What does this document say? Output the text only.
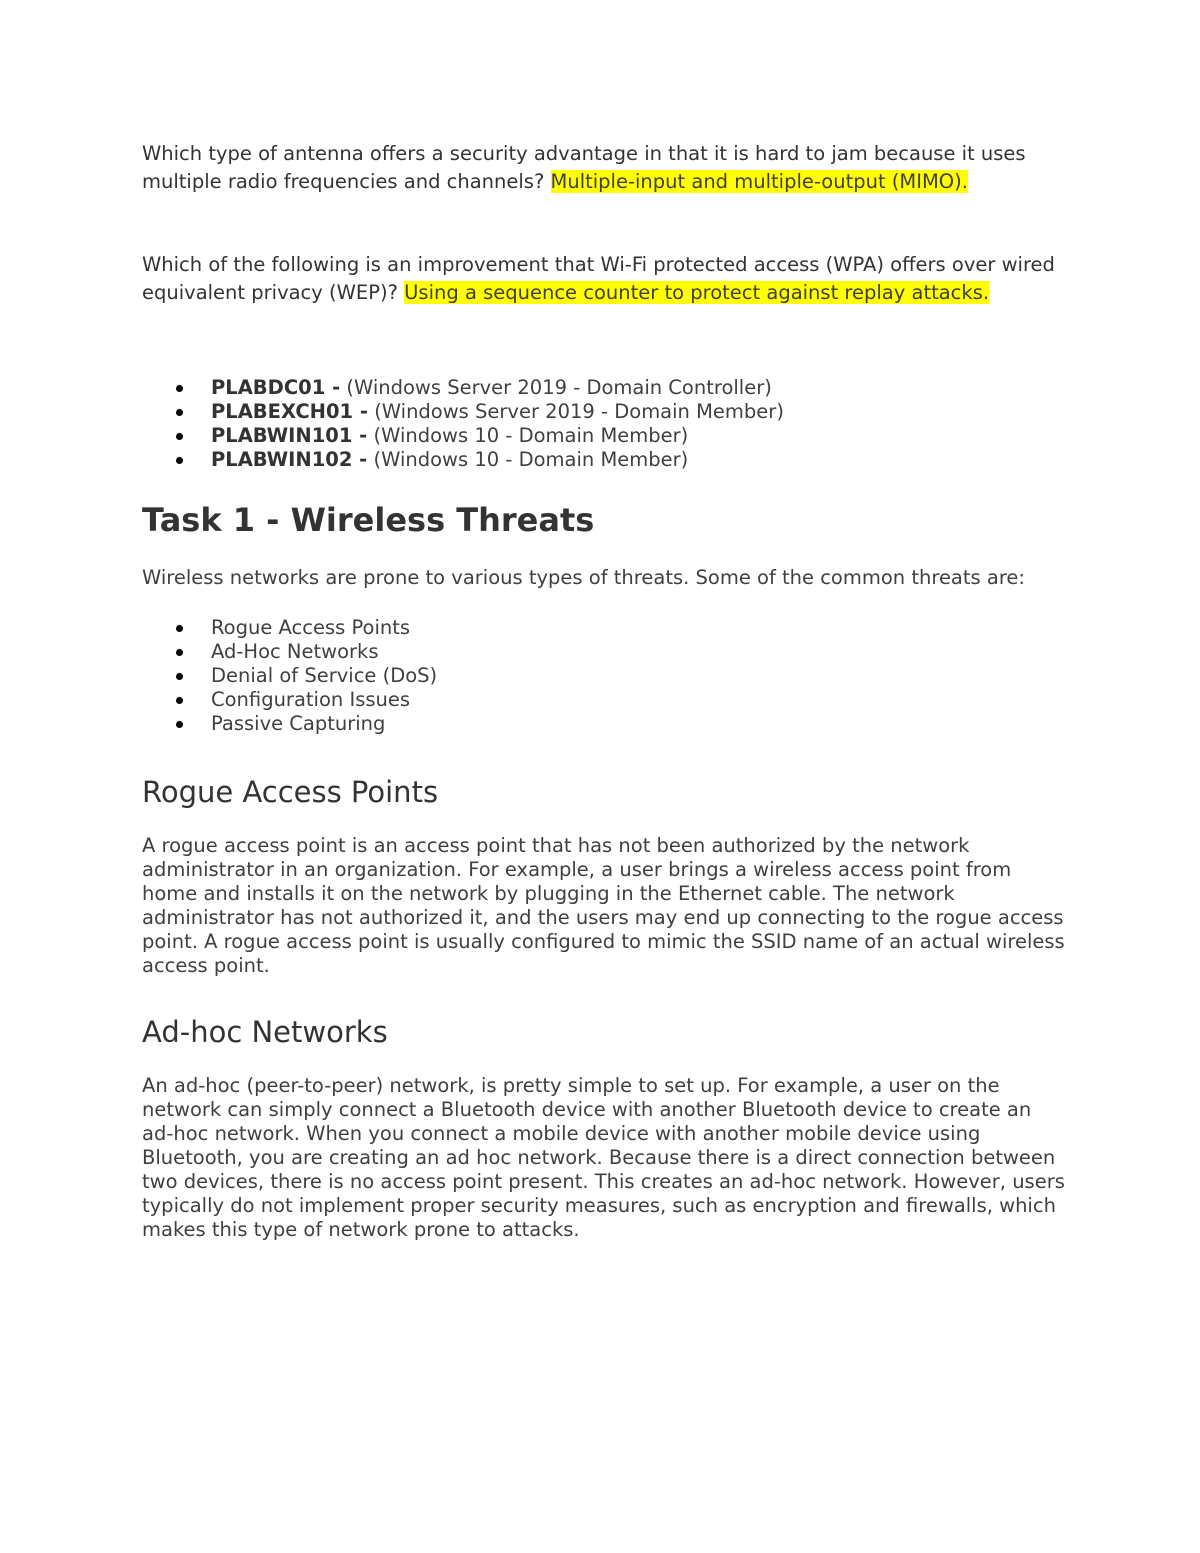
Which type of antenna offers a security advantage in that it is hard to jam because it uses multiple radio frequencies and channels? Multiple-input and multiple-output (MIMO).

Which of the following is an improvement that Wi-Fi protected access (WPA) offers over wired equivalent privacy (WEP)? Using a sequence counter to protect against replay attacks.

PLABDC01 - (Windows Server 2019 - Domain Controller)
PLABEXCH01 - (Windows Server 2019 - Domain Member)
PLABWIN101 - (Windows 10 - Domain Member)
PLABWIN102 - (Windows 10 - Domain Member)
Task 1 - Wireless Threats

Wireless networks are prone to various types of threats. Some of the common threats are:

Rogue Access Points
Ad-Hoc Networks
Denial of Service (DoS)
Configuration Issues
Passive Capturing
Rogue Access Points

A rogue access point is an access point that has not been authorized by the network administrator in an organization. For example, a user brings a wireless access point from home and installs it on the network by plugging in the Ethernet cable. The network administrator has not authorized it, and the users may end up connecting to the rogue access point. A rogue access point is usually configured to mimic the SSID name of an actual wireless access point.

Ad-hoc Networks

An ad-hoc (peer-to-peer) network, is pretty simple to set up. For example, a user on the network can simply connect a Bluetooth device with another Bluetooth device to create an ad-hoc network. When you connect a mobile device with another mobile device using Bluetooth, you are creating an ad hoc network. Because there is a direct connection between two devices, there is no access point present. This creates an ad-hoc network. However, users typically do not implement proper security measures, such as encryption and firewalls, which makes this type of network prone to attacks.
